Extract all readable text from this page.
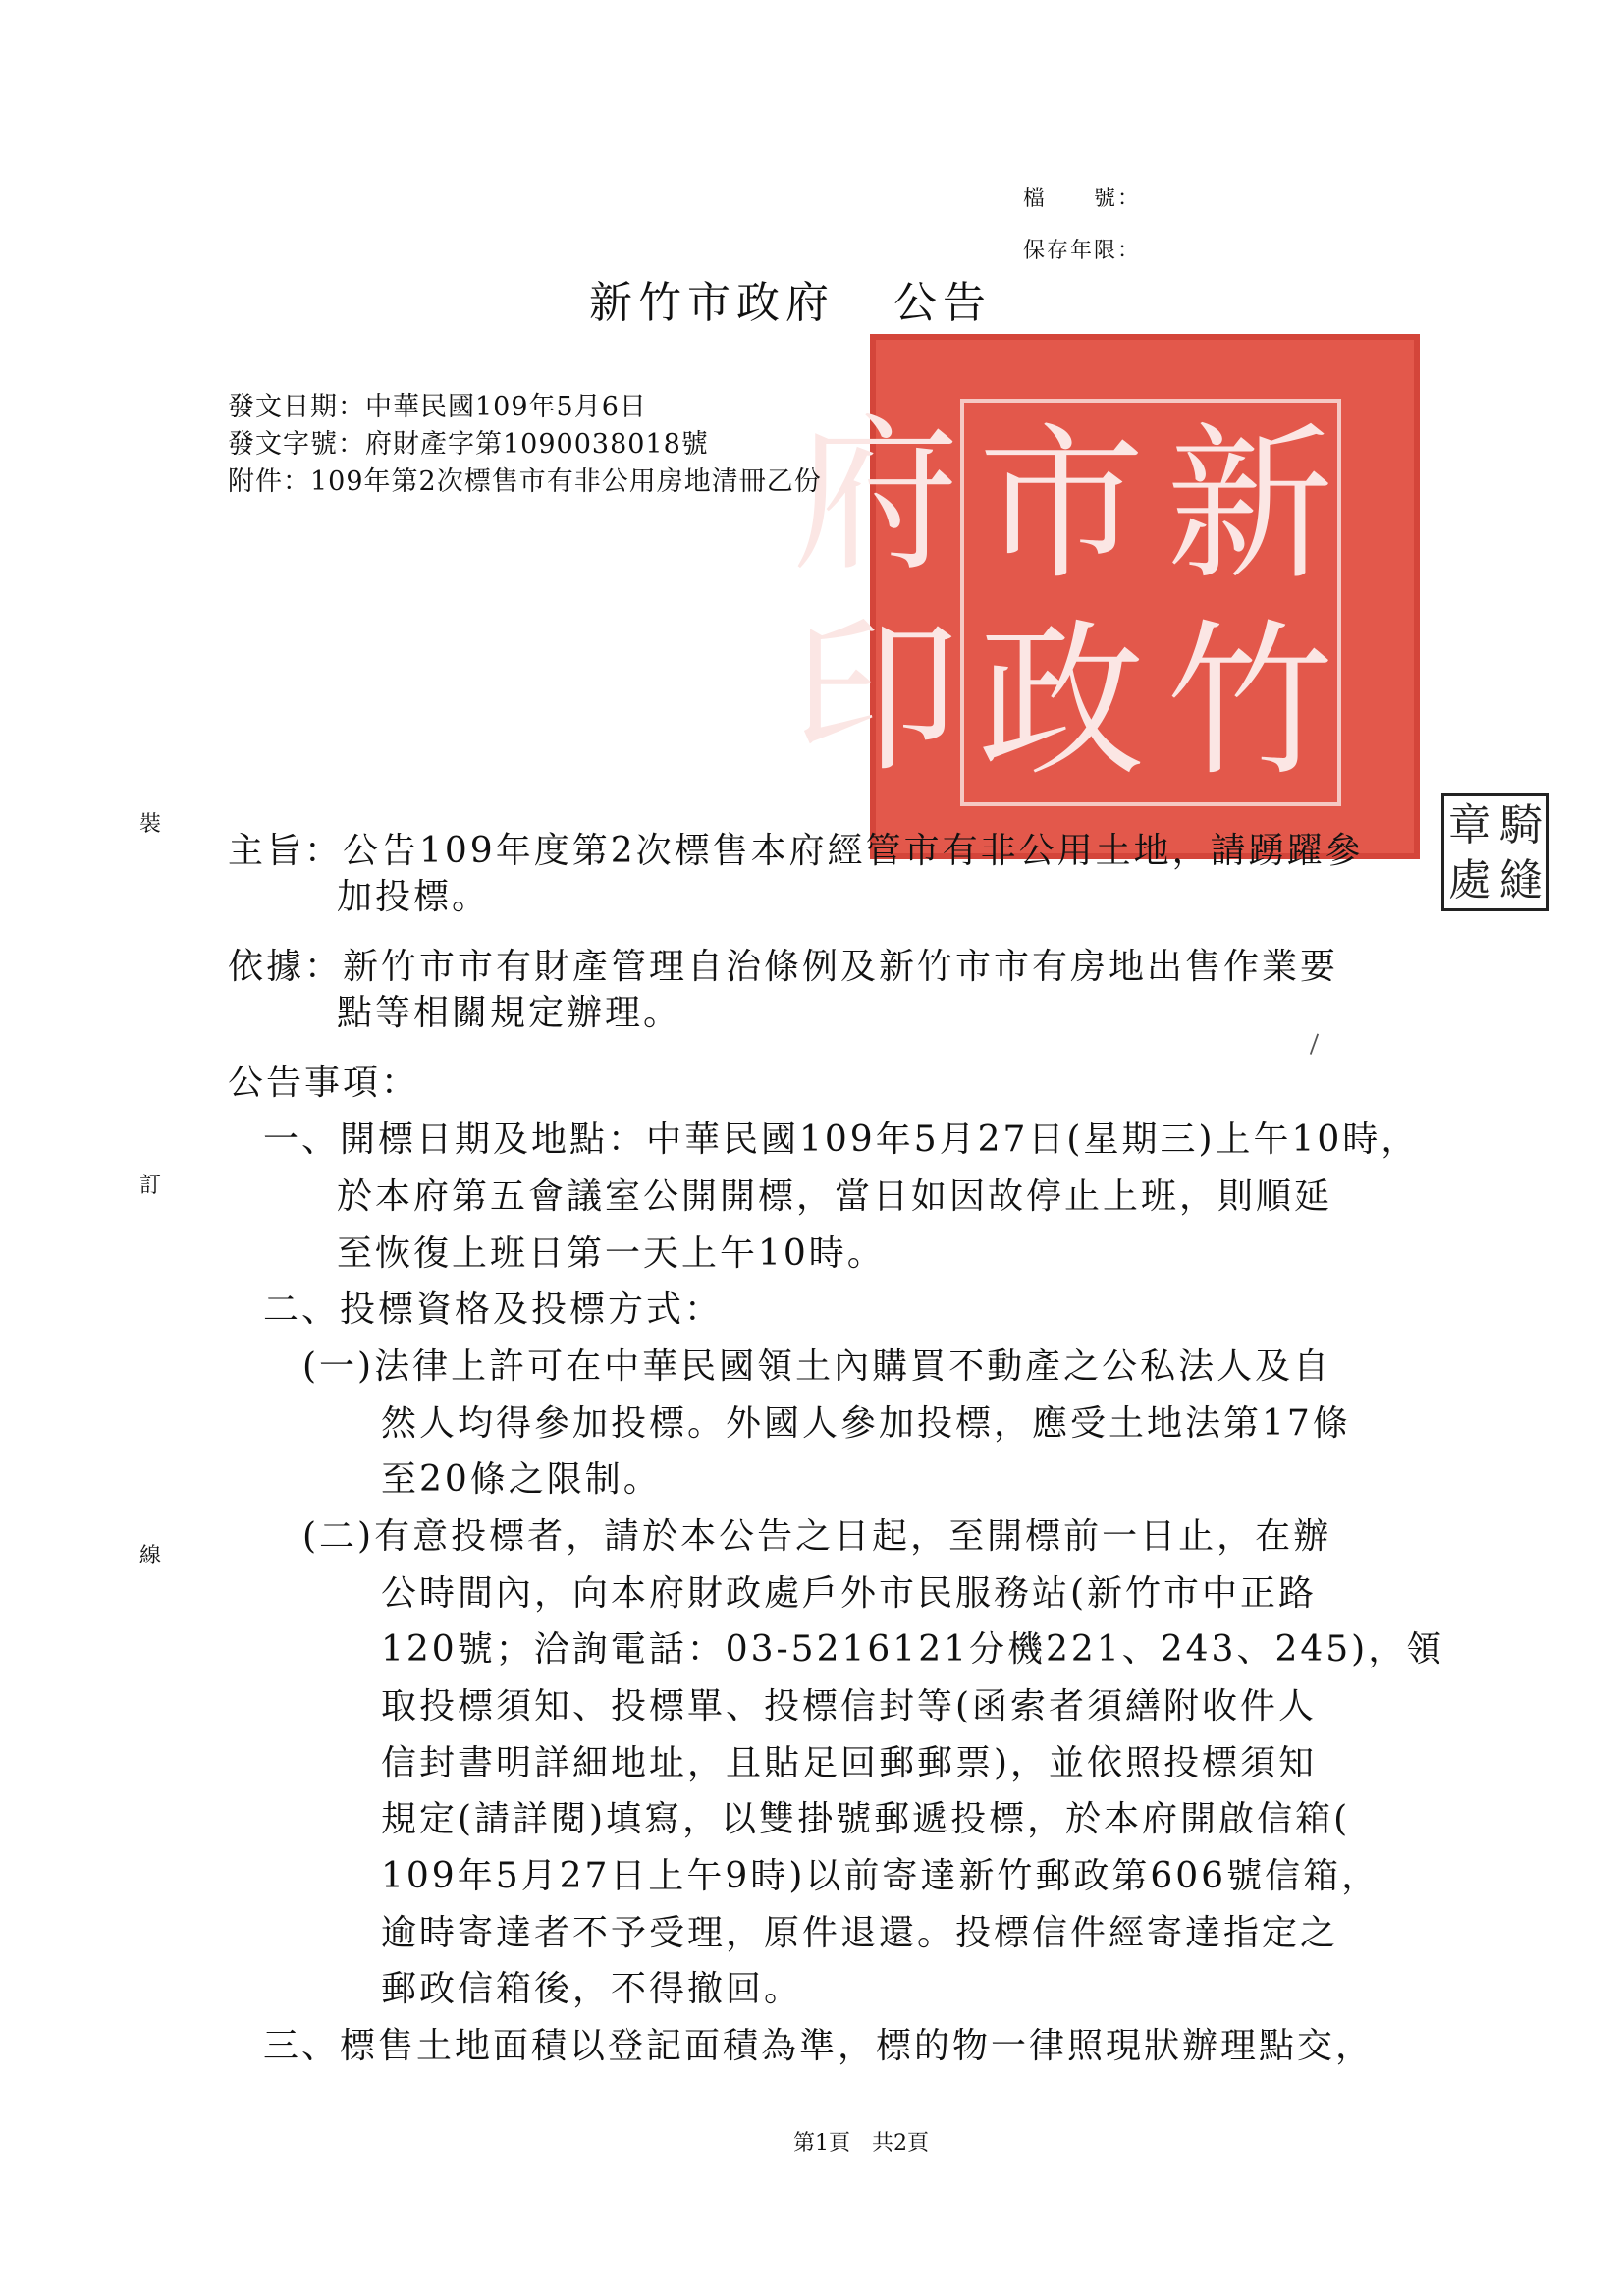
檔　　號：
保存年限：
新竹市政府 公告
新
竹
市
政
府
印
騎
縫
章
處
發文日期：中華民國109年5月6日
發文字號：府財產字第1090038018號
附件：109年第2次標售市有非公用房地清冊乙份
裝
訂
線
|
主旨：公告109年度第2次標售本府經管市有非公用土地，請踴躍參
加投標。
依據：新竹市市有財產管理自治條例及新竹市市有房地出售作業要
點等相關規定辦理。
公告事項：
一、開標日期及地點：中華民國109年5月27日(星期三)上午10時，
於本府第五會議室公開開標，當日如因故停止上班，則順延
至恢復上班日第一天上午10時。
二、投標資格及投標方式：
(一)法律上許可在中華民國領土內購買不動產之公私法人及自
然人均得參加投標。外國人參加投標，應受土地法第17條
至20條之限制。
(二)有意投標者，請於本公告之日起，至開標前一日止，在辦
公時間內，向本府財政處戶外市民服務站(新竹市中正路
120號；洽詢電話：03-5216121分機221、243、245)，領
取投標須知、投標單、投標信封等(函索者須繕附收件人
信封書明詳細地址，且貼足回郵郵票)，並依照投標須知
規定(請詳閱)填寫，以雙掛號郵遞投標，於本府開啟信箱(
109年5月27日上午9時)以前寄達新竹郵政第606號信箱，
逾時寄達者不予受理，原件退還。投標信件經寄達指定之
郵政信箱後，不得撤回。
三、標售土地面積以登記面積為準，標的物一律照現狀辦理點交，
第1頁　共2頁
